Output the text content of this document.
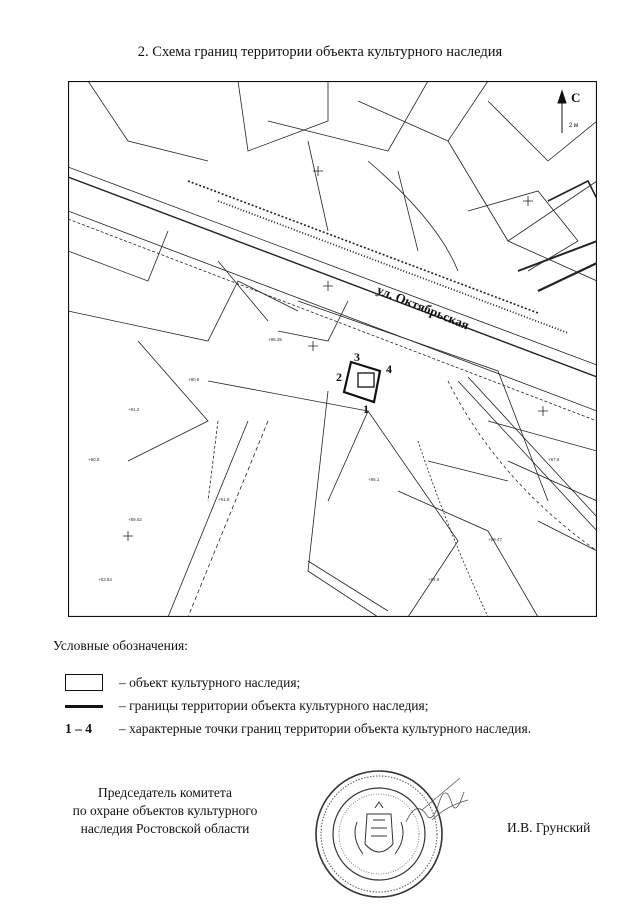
2. Схема границ территории объекта культурного наследия
+90.8
+89.62
+91.9
+93.54
+98.35
+90.5
+95.1
+99.47
+94.8
+91.2
+97.6
С
2 м
ул. Октябрьская
1
2
3
4
Условные обозначения:
– объект культурного наследия;
– границы территории объекта культурного наследия;
1 – 4	– характерные точки границ территории объекта культурного наследия.
Председатель комитета
по охране объектов культурного
наследия Ростовской области	И.В. Грунский
